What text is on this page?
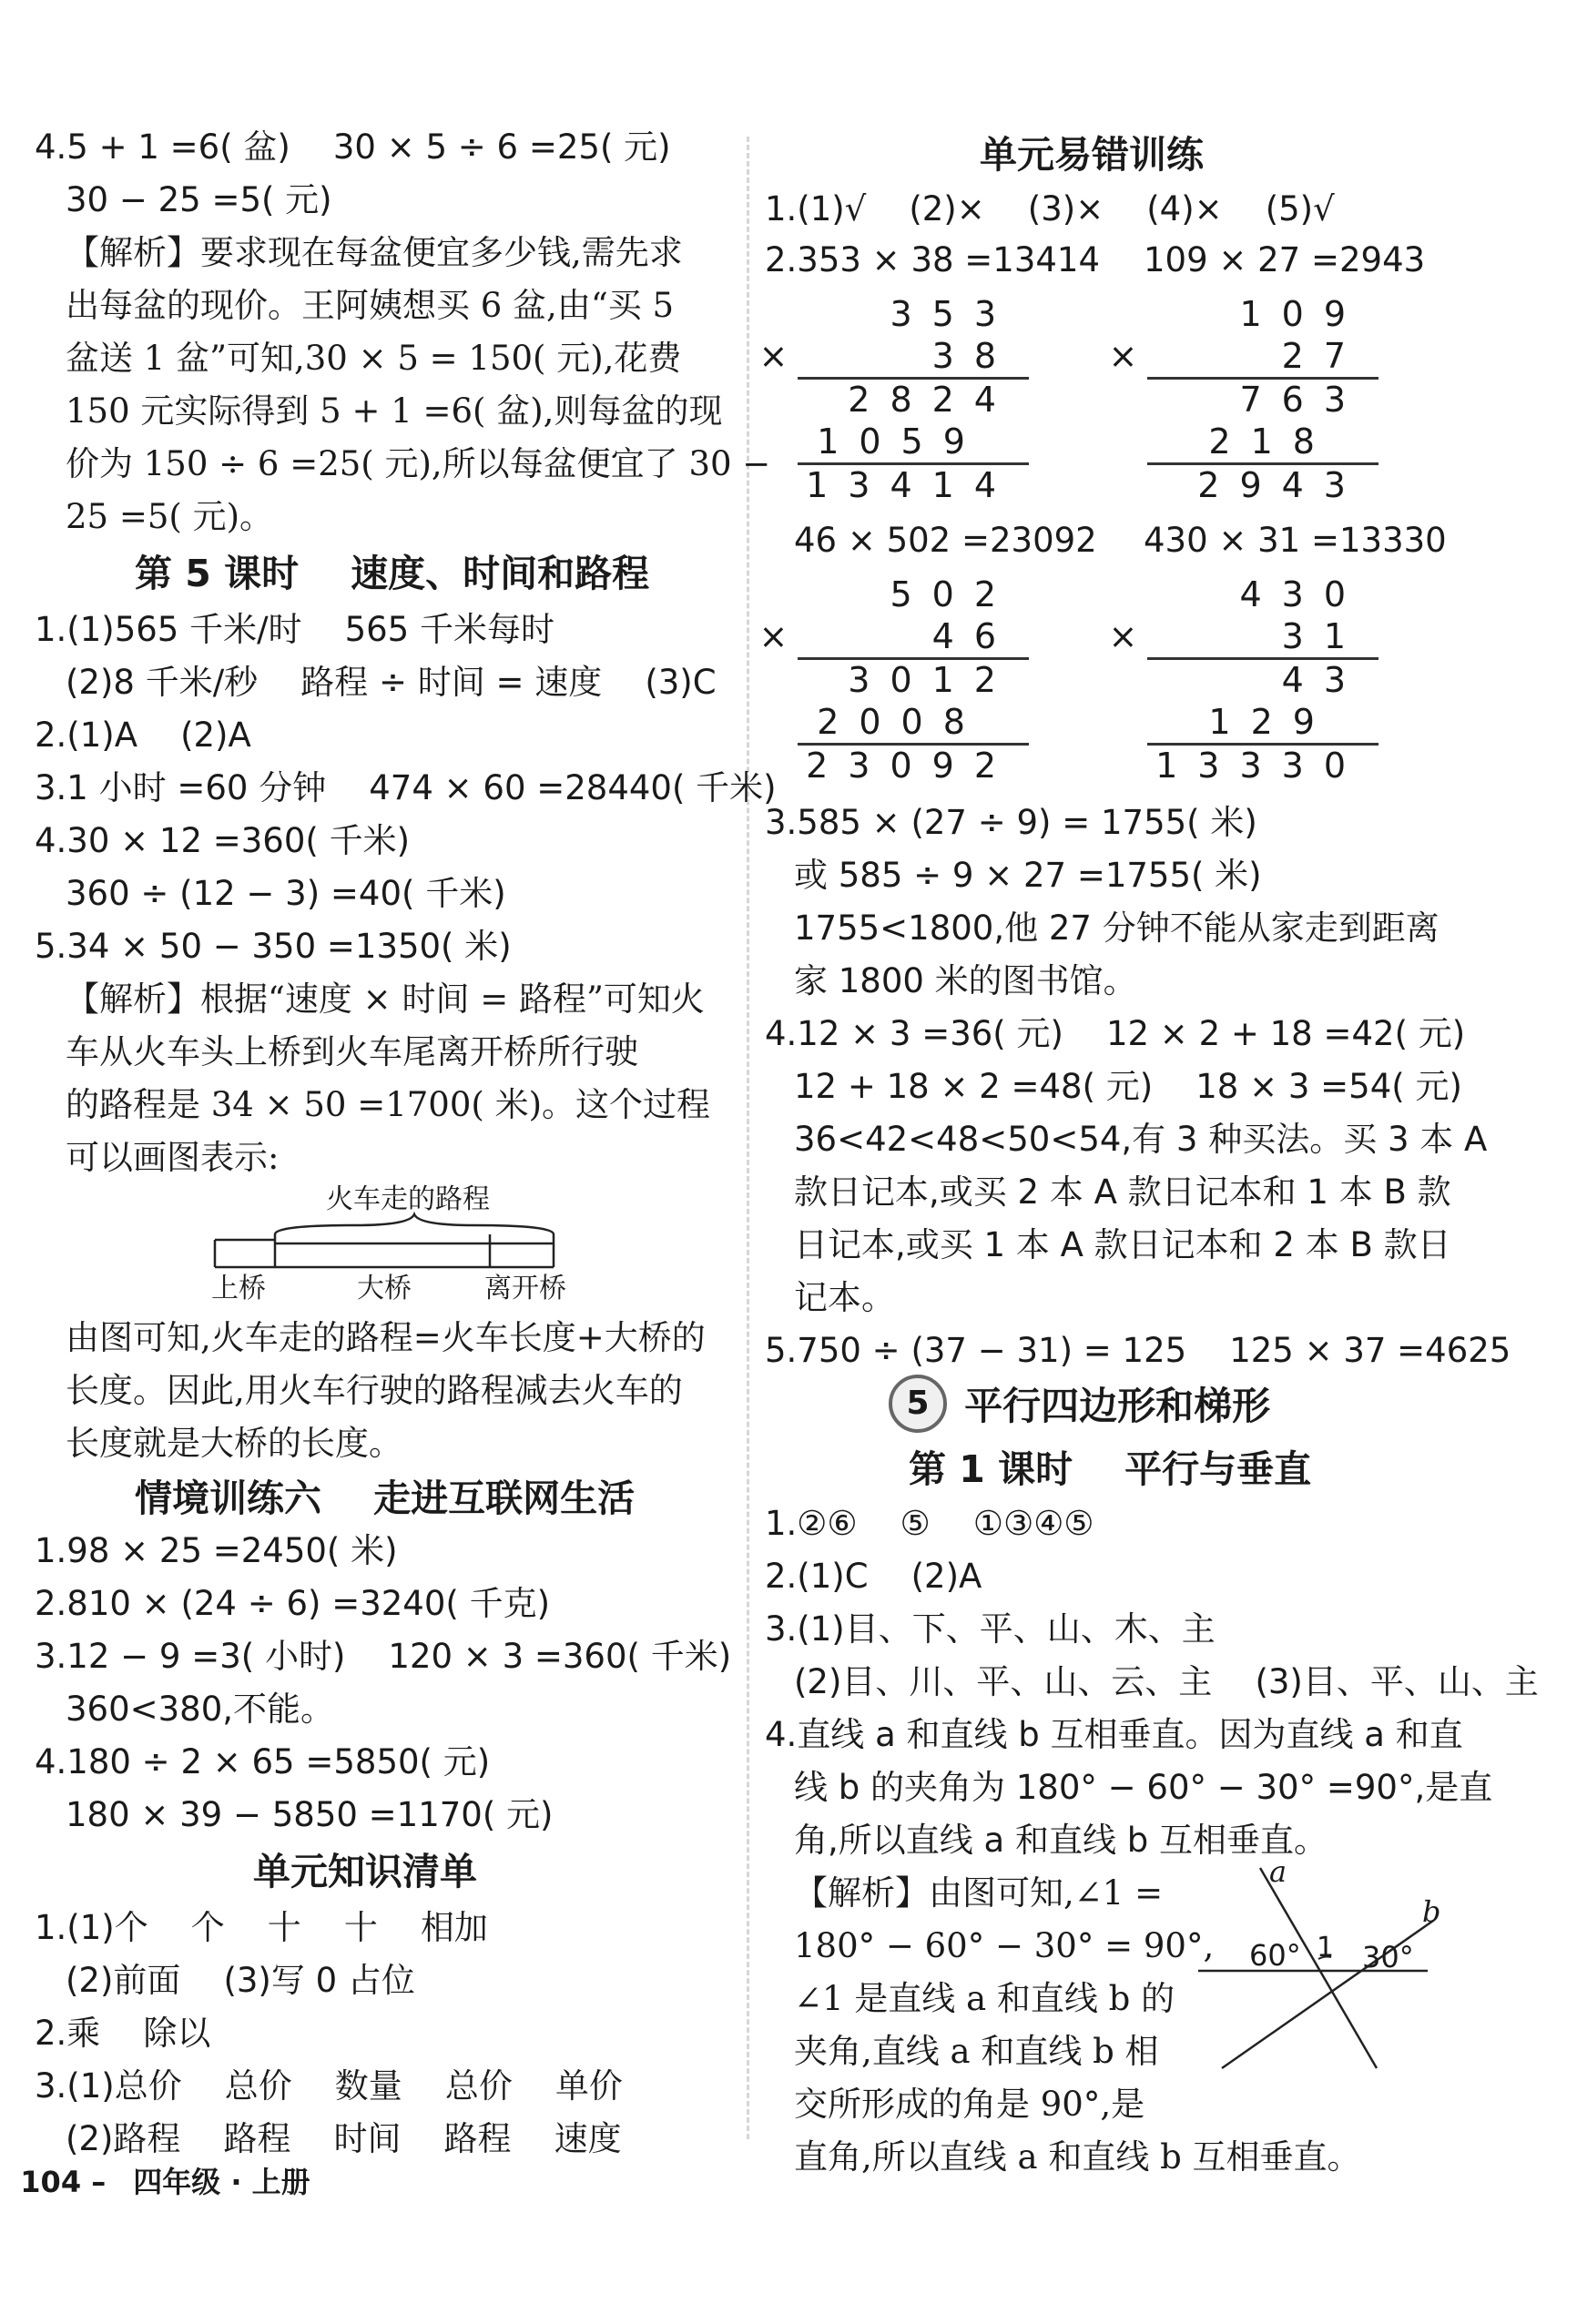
4.5 + 1 =6( 盆)    30 × 5 ÷ 6 =25( 元)
30 − 25 =5( 元)
【解析】要求现在每盆便宜多少钱,需先求
出每盆的现价。王阿姨想买 6 盆,由“买 5
盆送 1 盆”可知,30 × 5 = 150( 元),花费
150 元实际得到 5 + 1 =6( 盆),则每盆的现
价为 150 ÷ 6 =25( 元),所以每盆便宜了 30 −
25 =5( 元)。
第 5 课时    速度、时间和路程
1.(1)565 千米/时    565 千米每时
(2)8 千米/秒    路程 ÷ 时间 = 速度    (3)C
2.(1)A    (2)A
3.1 小时 =60 分钟    474 × 60 =28440( 千米)
4.30 × 12 =360( 千米)
360 ÷ (12 − 3) =40( 千米)
5.34 × 50 − 350 =1350( 米)
【解析】根据“速度 × 时间 = 路程”可知火
车从火车头上桥到火车尾离开桥所行驶
的路程是 34 × 50 =1700( 米)。这个过程
可以画图表示:
火车走的路程
上桥	大桥	离开桥
由图可知,火车走的路程=火车长度+大桥的
长度。因此,用火车行驶的路程减去火车的
长度就是大桥的长度。
情境训练六    走进互联网生活
1.98 × 25 =2450( 米)
2.810 × (24 ÷ 6) =3240( 千克)
3.12 − 9 =3( 小时)    120 × 3 =360( 千米)
360<380,不能。
4.180 ÷ 2 × 65 =5850( 元)
180 × 39 − 5850 =1170( 元)
单元知识清单
1.(1)个    个    十    十    相加
(2)前面    (3)写 0 占位
2.乘    除以
3.(1)总价    总价    数量    总价    单价
(2)路程    路程    时间    路程    速度
单元易错训练
1.(1)√    (2)×    (3)×    (4)×    (5)√
2.353 × 38 =13414 109 × 27 =2943
353
×    38
2824
1059
13414
109
×    27
763
218
2943
46 × 502 =23092 430 × 31 =13330
502
×    46
3012
2008
23092
430
×    31
43
129
13330
3.585 × (27 ÷ 9) = 1755( 米)
或 585 ÷ 9 × 27 =1755( 米)
1755<1800,他 27 分钟不能从家走到距离
家 1800 米的图书馆。
4.12 × 3 =36( 元)    12 × 2 + 18 =42( 元)
12 + 18 × 2 =48( 元)    18 × 3 =54( 元)
36<42<48<50<54,有 3 种买法。买 3 本 A
款日记本,或买 2 本 A 款日记本和 1 本 B 款
日记本,或买 1 本 A 款日记本和 2 本 B 款日
记本。
5.750 ÷ (37 − 31) = 125    125 × 37 =4625
5 平行四边形和梯形
第 1 课时    平行与垂直
1.②⑥    ⑤    ①③④⑤
2.(1)C    (2)A
3.(1)目、下、平、山、木、主
(2)目、川、平、山、云、主    (3)目、平、山、主
4.直线 a 和直线 b 互相垂直。因为直线 a 和直
线 b 的夹角为 180° − 60° − 30° =90°,是直
角,所以直线 a 和直线 b 互相垂直。
【解析】由图可知,∠1 =
180° − 60° − 30° = 90°,
∠1 是直线 a 和直线 b 的
夹角,直线 a 和直线 b 相
交所形成的角是 90°,是
直角,所以直线 a 和直线 b 互相垂直。
a
b
60° 1 30°

104 – 四年级 · 上册
